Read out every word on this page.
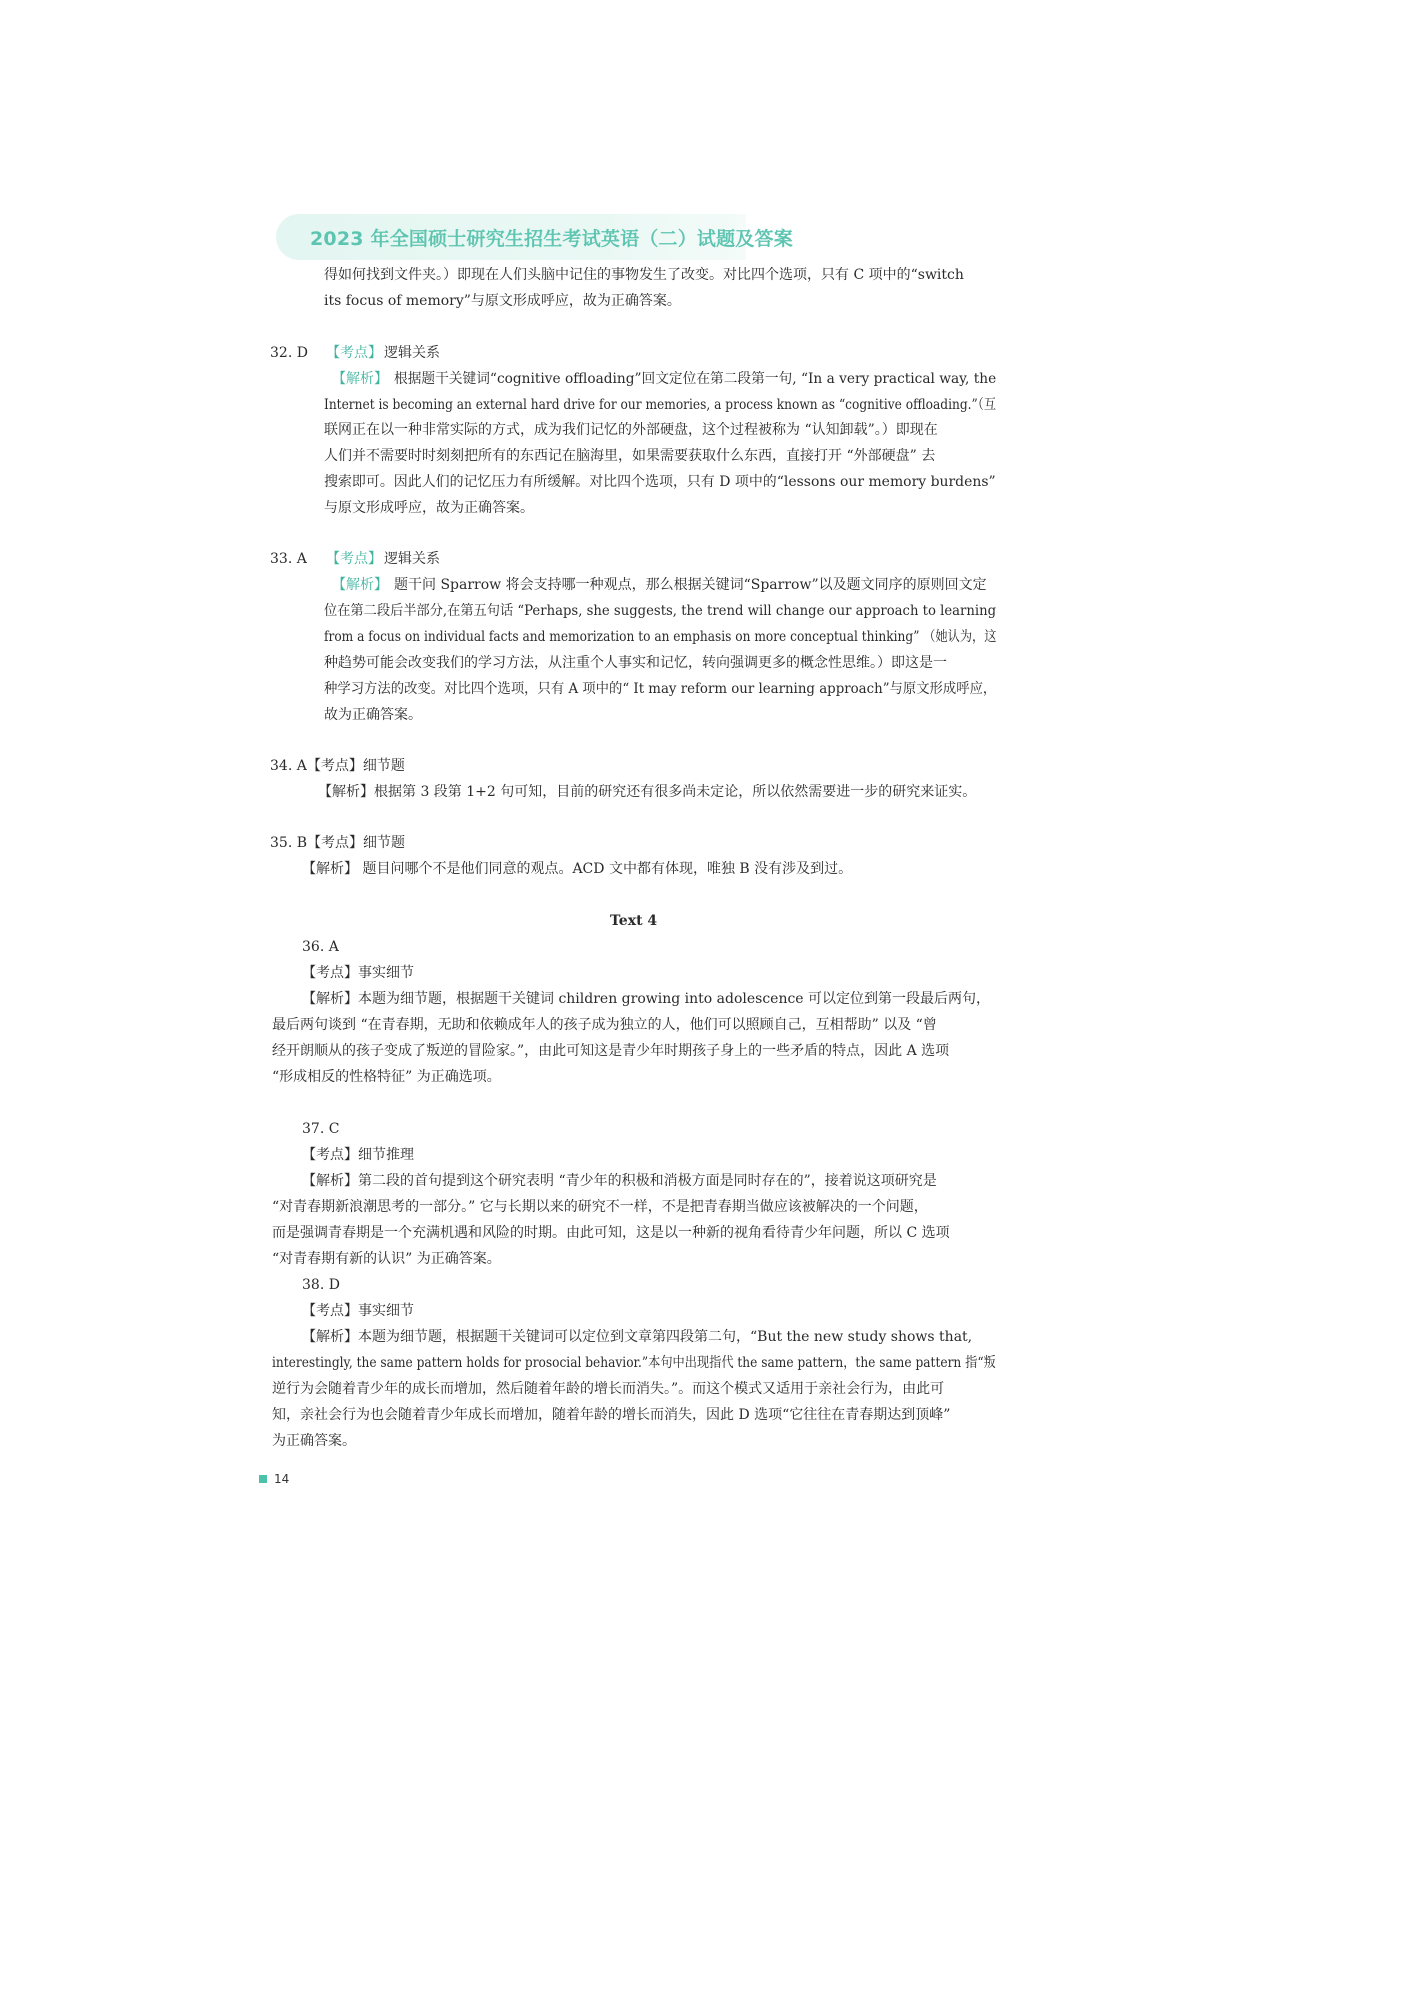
2023 年全国硕士研究生招生考试英语（二）试题及答案
得如何找到文件夹。）即现在人们头脑中记住的事物发生了改变。对比四个选项，只有 C 项中的“switch
its focus of memory”与原文形成呼应，故为正确答案。
32. D 【考点】 逻辑关系
【解析】 根据题干关键词“cognitive offloading”回文定位在第二段第一句, “In a very practical way, the
Internet is becoming an external hard drive for our memories, a process known as “cognitive offloading.”（互
联网正在以一种非常实际的方式，成为我们记忆的外部硬盘，这个过程被称为 “认知卸载”。）即现在
人们并不需要时时刻刻把所有的东西记在脑海里，如果需要获取什么东西，直接打开 “外部硬盘” 去
搜索即可。因此人们的记忆压力有所缓解。对比四个选项，只有 D 项中的“lessons our memory burdens”
与原文形成呼应，故为正确答案。
33. A 【考点】 逻辑关系
【解析】 题干问 Sparrow 将会支持哪一种观点，那么根据关键词“Sparrow”以及题文同序的原则回文定
位在第二段后半部分,在第五句话 “Perhaps, she suggests, the trend will change our approach to learning
from a focus on individual facts and memorization to an emphasis on more conceptual thinking” （她认为，这
种趋势可能会改变我们的学习方法，从注重个人事实和记忆，转向强调更多的概念性思维。）即这是一
种学习方法的改变。对比四个选项，只有 A 项中的“ It may reform our learning approach”与原文形成呼应，
故为正确答案。
34. A【考点】细节题
【解析】根据第 3 段第 1+2 句可知，目前的研究还有很多尚未定论，所以依然需要进一步的研究来证实。
35. B【考点】细节题
【解析】 题目问哪个不是他们同意的观点。ACD 文中都有体现，唯独 B 没有涉及到过。
Text 4
36. A
【考点】事实细节
【解析】本题为细节题，根据题干关键词 children growing into adolescence 可以定位到第一段最后两句，
最后两句谈到 “在青春期，无助和依赖成年人的孩子成为独立的人，他们可以照顾自己，互相帮助” 以及 “曾
经开朗顺从的孩子变成了叛逆的冒险家。”，由此可知这是青少年时期孩子身上的一些矛盾的特点，因此 A 选项
“形成相反的性格特征” 为正确选项。
37. C
【考点】细节推理
【解析】第二段的首句提到这个研究表明 “青少年的积极和消极方面是同时存在的”，接着说这项研究是
“对青春期新浪潮思考的一部分。” 它与长期以来的研究不一样，不是把青春期当做应该被解决的一个问题，
而是强调青春期是一个充满机遇和风险的时期。由此可知，这是以一种新的视角看待青少年问题，所以 C 选项
“对青春期有新的认识” 为正确答案。
38. D
【考点】事实细节
【解析】本题为细节题，根据题干关键词可以定位到文章第四段第二句，“But the new study shows that,
interestingly, the same pattern holds for prosocial behavior.”本句中出现指代 the same pattern，the same pattern 指“叛
逆行为会随着青少年的成长而增加，然后随着年龄的增长而消失。”。而这个模式又适用于亲社会行为，由此可
知，亲社会行为也会随着青少年成长而增加，随着年龄的增长而消失，因此 D 选项“它往往在青春期达到顶峰”
为正确答案。
14
